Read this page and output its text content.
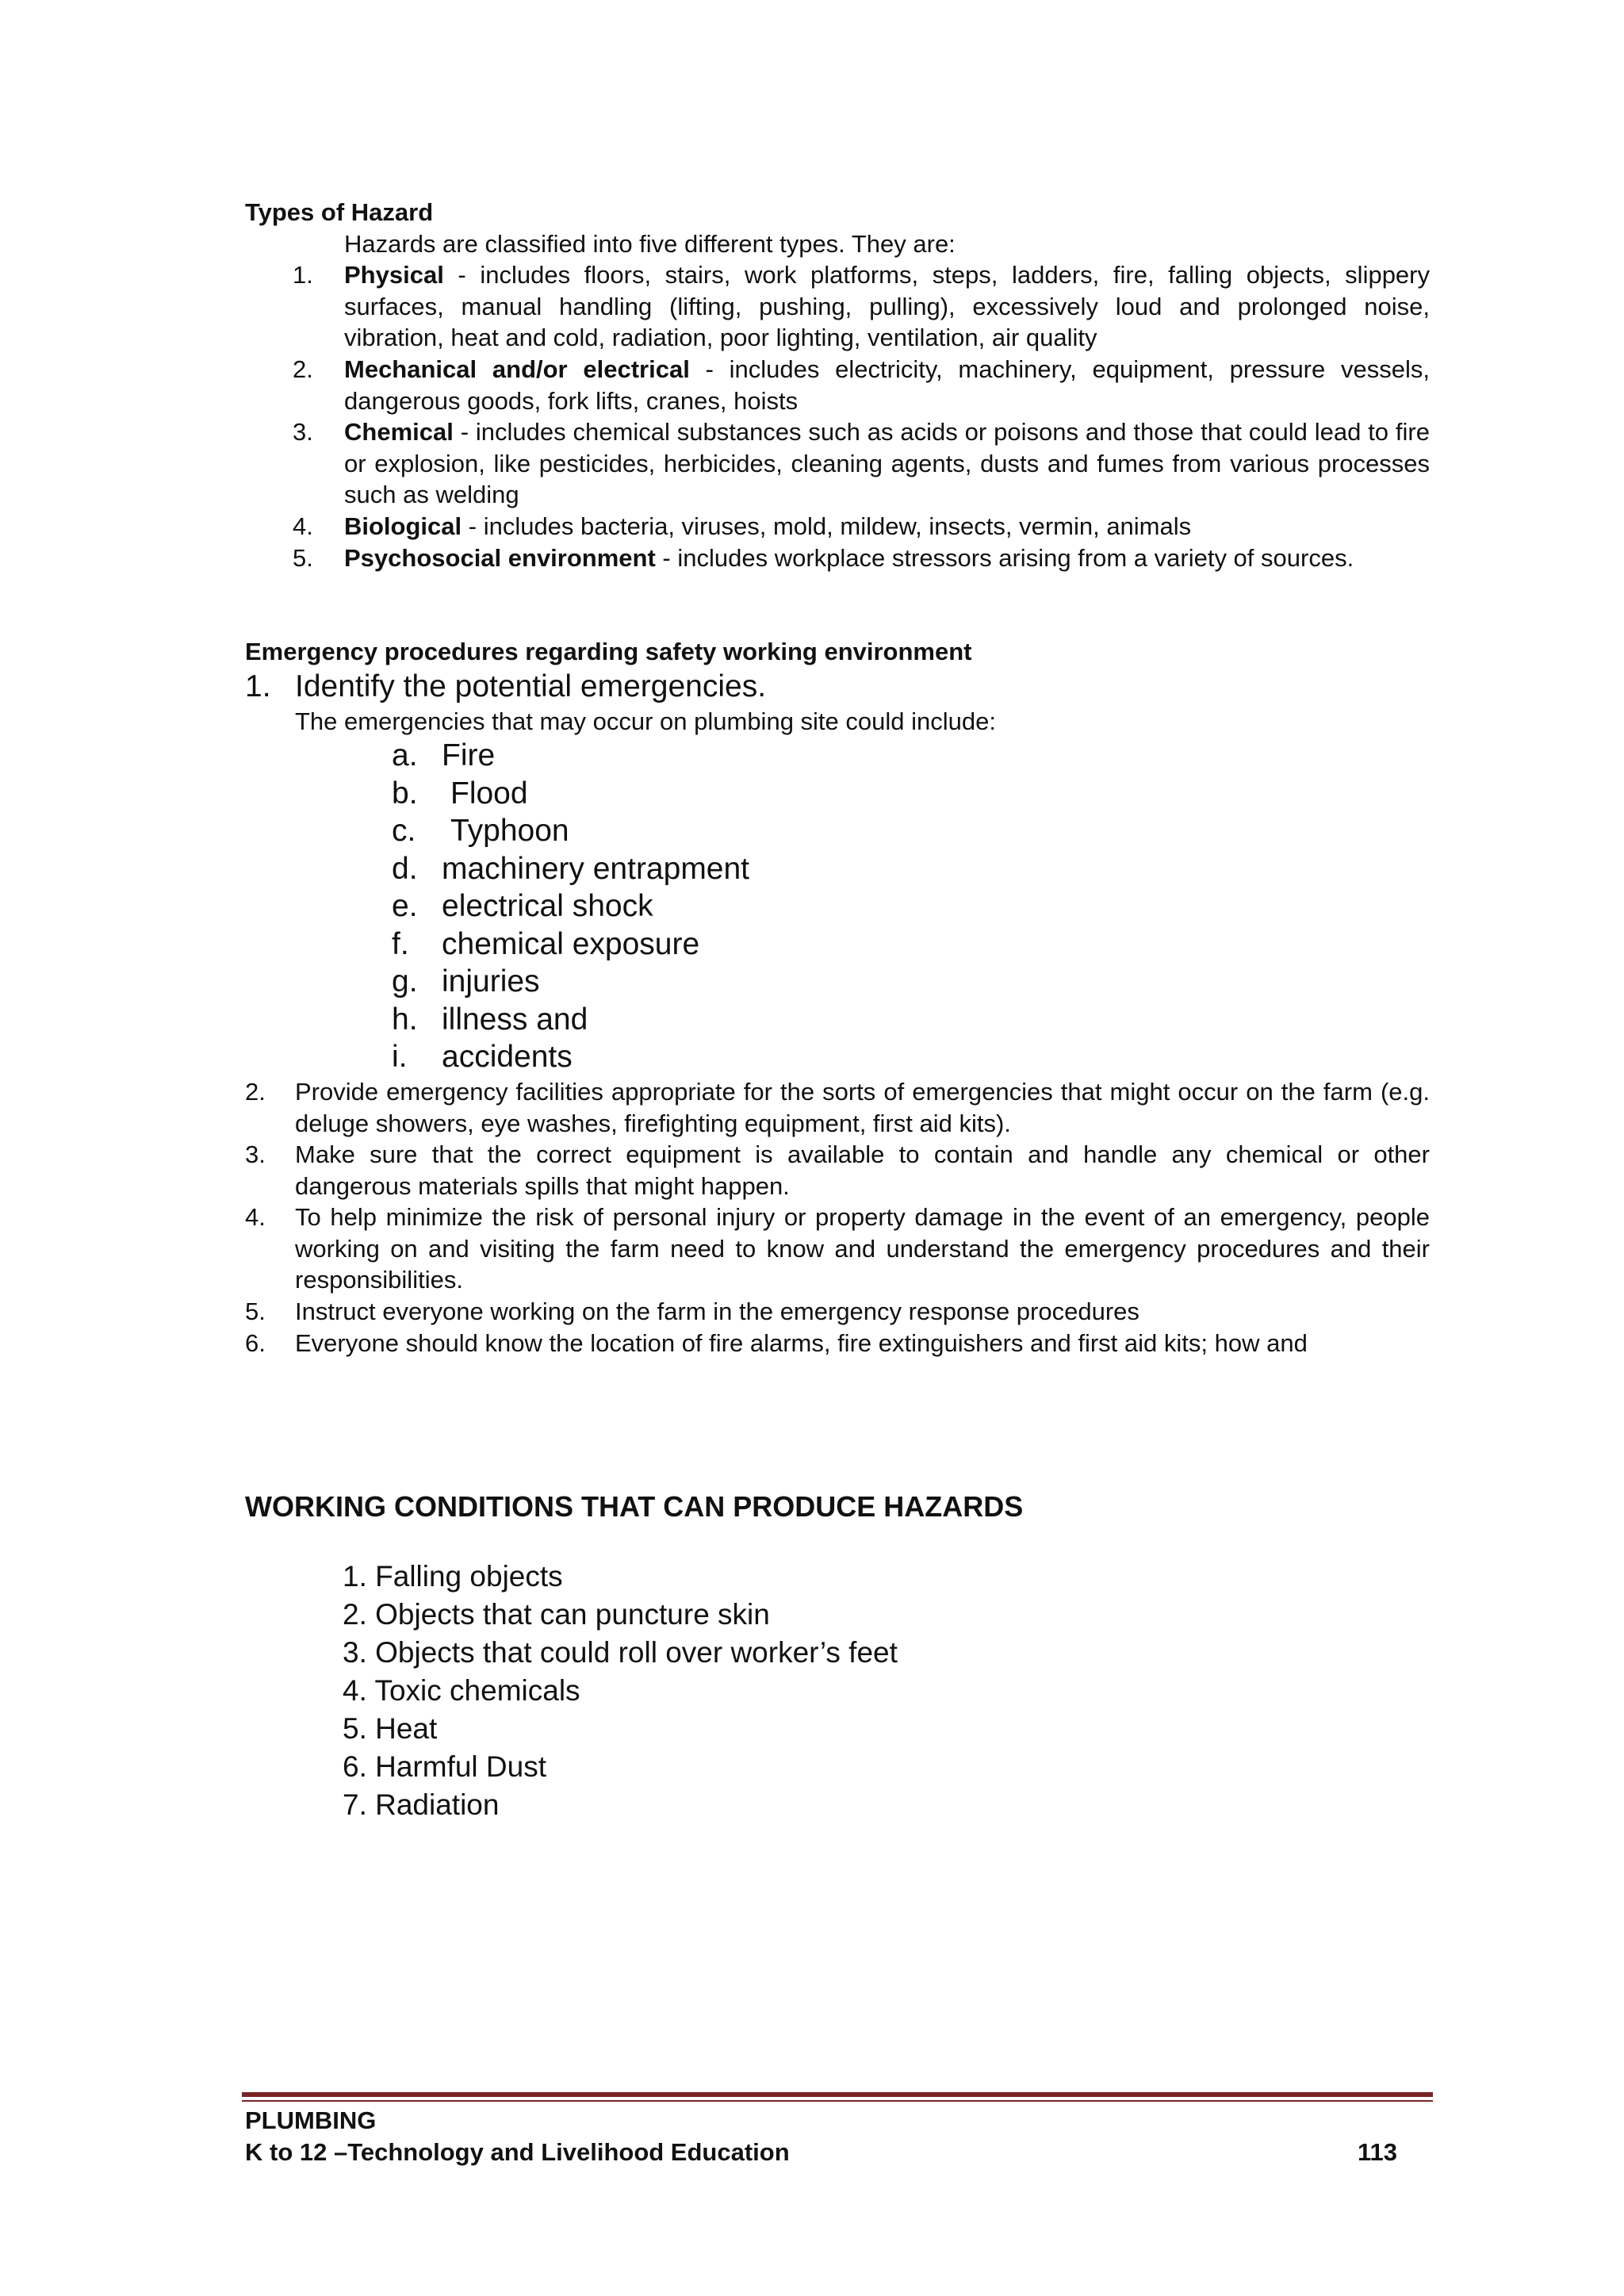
Types of Hazard
Hazards are classified into five different types. They are:
1. Physical - includes floors, stairs, work platforms, steps, ladders, fire, falling objects, slippery surfaces, manual handling (lifting, pushing, pulling), excessively loud and prolonged noise, vibration, heat and cold, radiation, poor lighting, ventilation, air quality
2. Mechanical and/or electrical - includes electricity, machinery, equipment, pressure vessels, dangerous goods, fork lifts, cranes, hoists
3. Chemical - includes chemical substances such as acids or poisons and those that could lead to fire or explosion, like pesticides, herbicides, cleaning agents, dusts and fumes from various processes such as welding
4. Biological - includes bacteria, viruses, mold, mildew, insects, vermin, animals
5. Psychosocial environment - includes workplace stressors arising from a variety of sources.
Emergency procedures regarding safety working environment
1. Identify the potential emergencies.
The emergencies that may occur on plumbing site could include:
a. Fire
b.	Flood
c.	Typhoon
d. machinery entrapment
e. electrical shock
f.	chemical exposure
g. injuries
h. illness and
i.	accidents
2. Provide emergency facilities appropriate for the sorts of emergencies that might occur on the farm (e.g. deluge showers, eye washes, firefighting equipment, first aid kits).
3. Make sure that the correct equipment is available to contain and handle any chemical or other dangerous materials spills that might happen.
4. To help minimize the risk of personal injury or property damage in the event of an emergency, people working on and visiting the farm need to know and understand the emergency procedures and their responsibilities.
5. Instruct everyone working on the farm in the emergency response procedures
6. Everyone should know the location of fire alarms, fire extinguishers and first aid kits; how and
WORKING CONDITIONS THAT CAN PRODUCE HAZARDS
1. Falling objects
2. Objects that can puncture skin
3. Objects that could roll over worker’s feet
4. Toxic chemicals
5. Heat
6. Harmful Dust
7. Radiation
PLUMBING
K to 12 –Technology and Livelihood Education	113
